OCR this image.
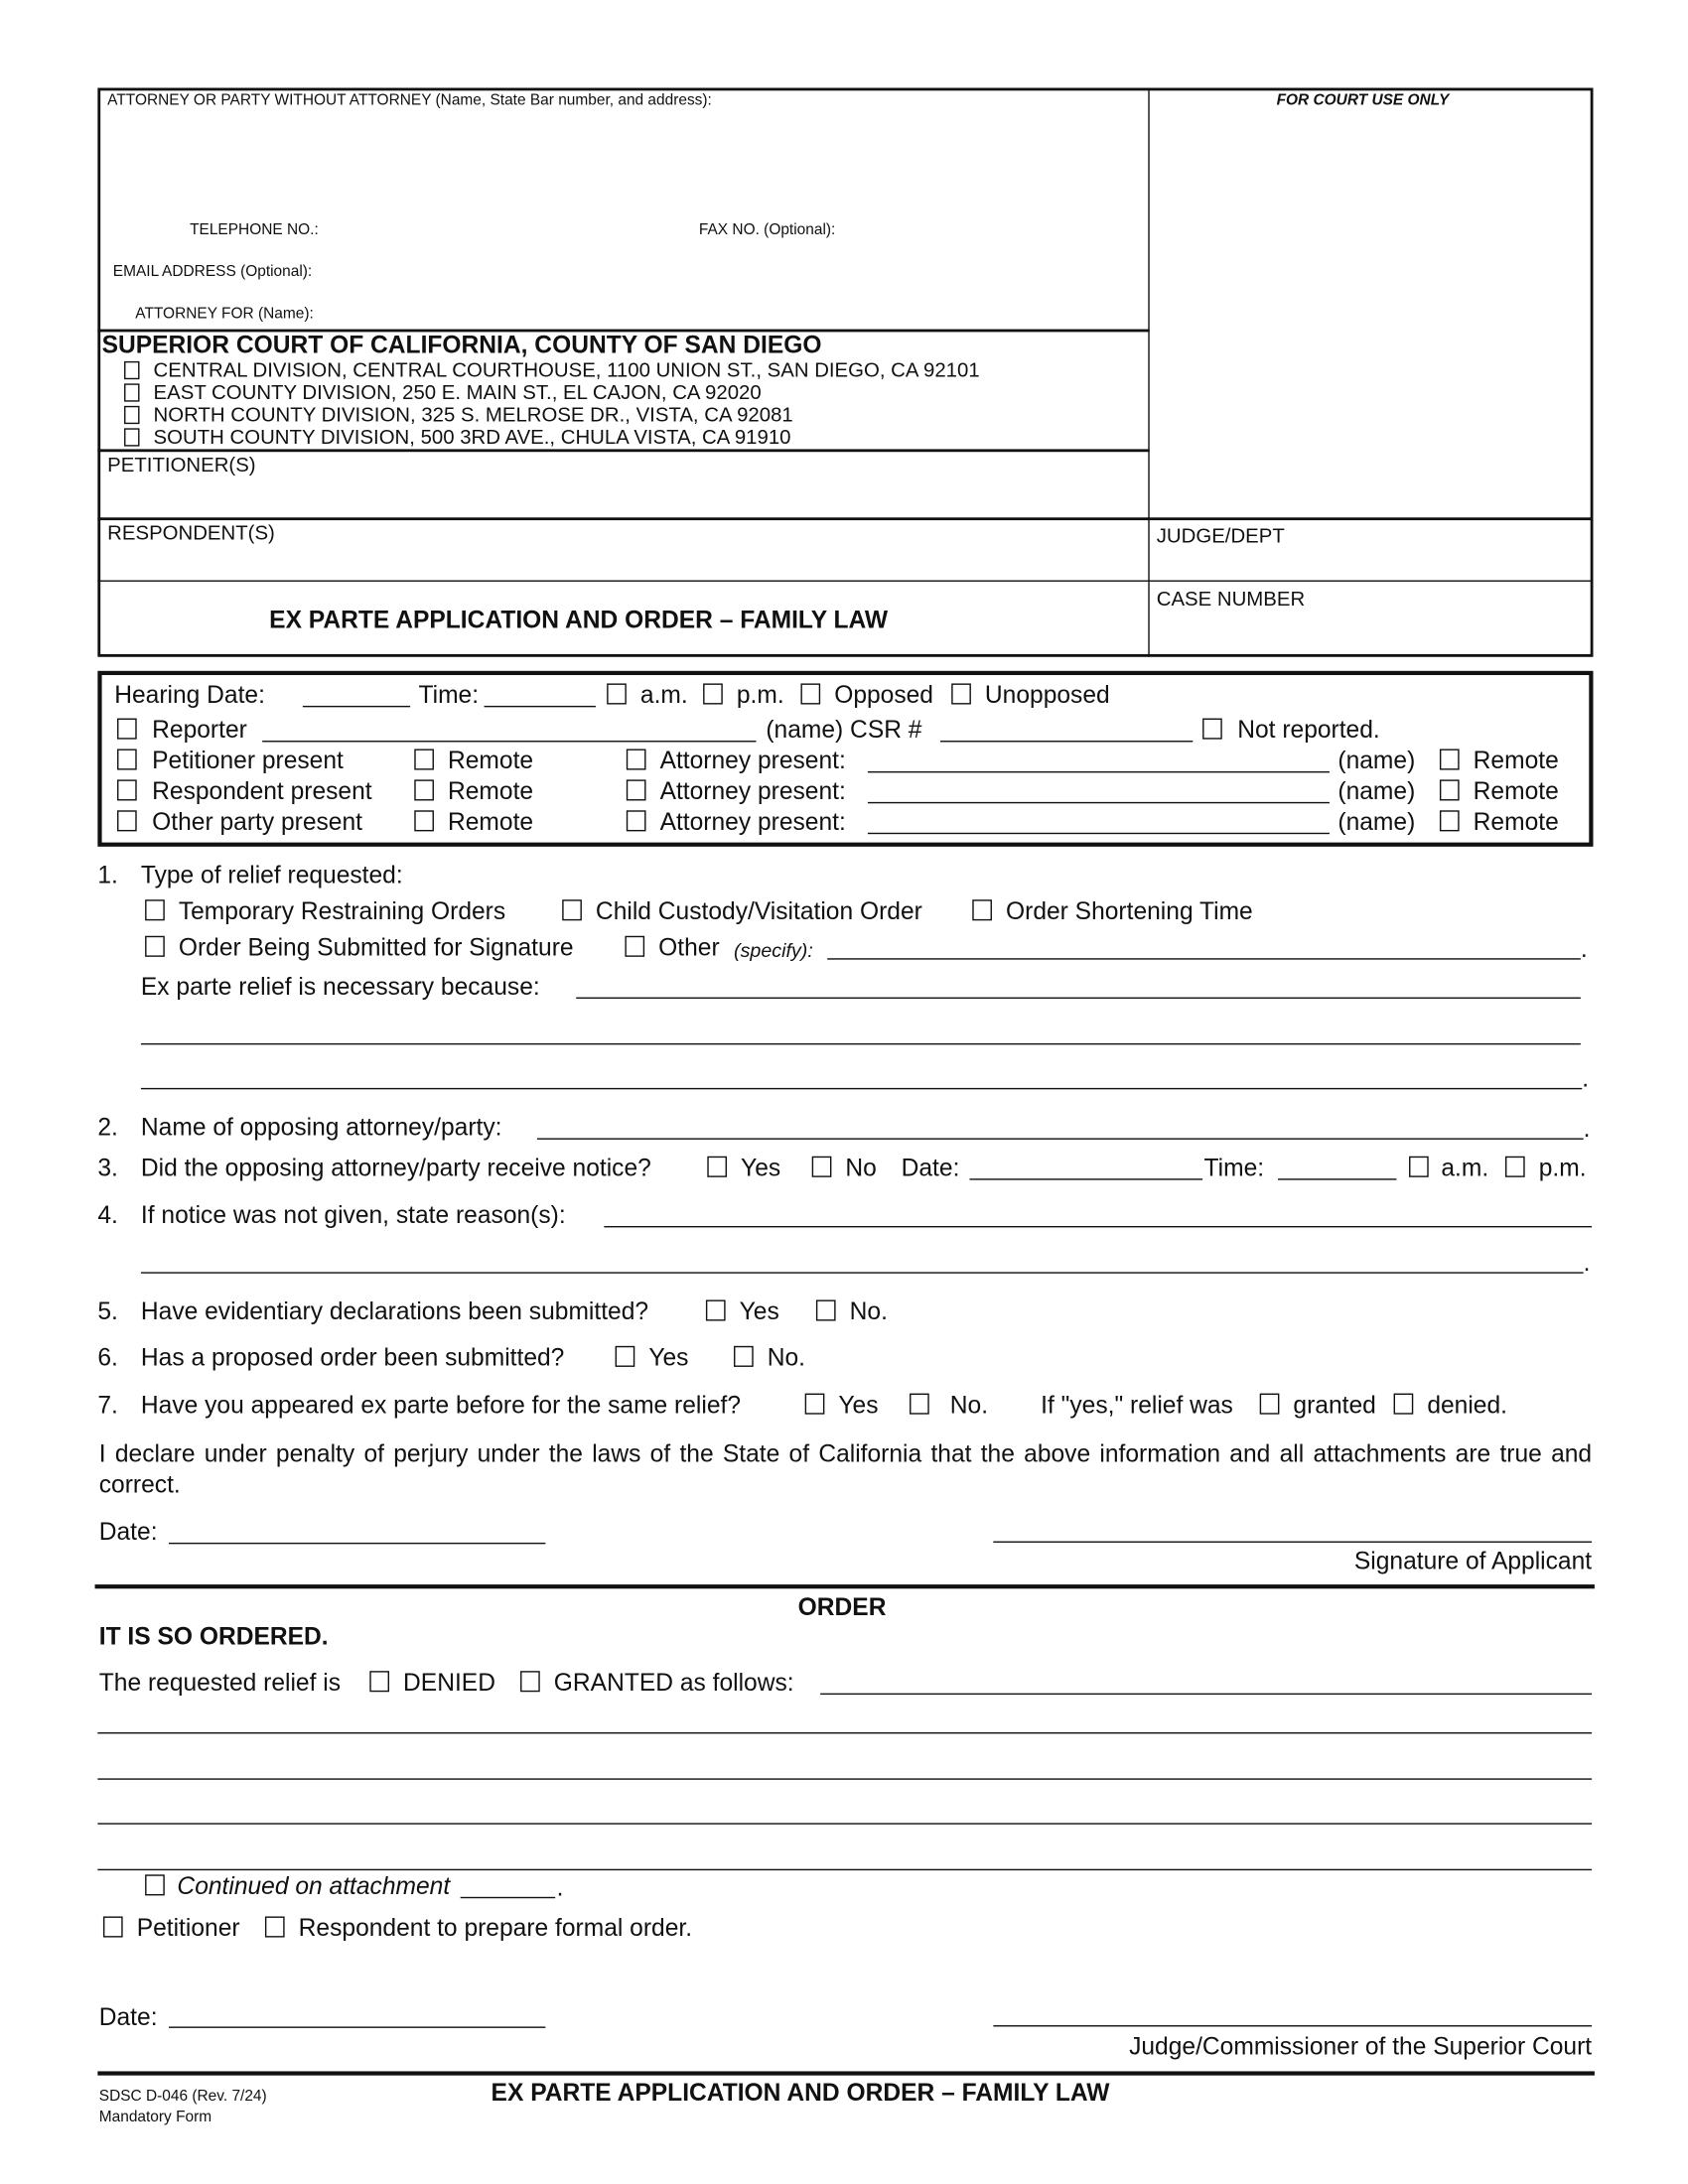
ATTORNEY OR PARTY WITHOUT ATTORNEY (Name, State Bar number, and address):	FOR COURT USE ONLY
TELEPHONE NO.:	FAX NO. (Optional):
EMAIL ADDRESS (Optional):
ATTORNEY FOR (Name):
SUPERIOR COURT OF CALIFORNIA, COUNTY OF SAN DIEGO
CENTRAL DIVISION, CENTRAL COURTHOUSE, 1100 UNION ST., SAN DIEGO, CA 92101
EAST COUNTY DIVISION, 250 E. MAIN ST., EL CAJON, CA 92020
NORTH COUNTY DIVISION, 325 S. MELROSE DR., VISTA, CA 92081
SOUTH COUNTY DIVISION, 500 3RD AVE., CHULA VISTA, CA 91910
PETITIONER(S)
RESPONDENT(S)	JUDGE/DEPT
CASE NUMBER
EX PARTE APPLICATION AND ORDER – FAMILY LAW
Hearing Date:	Time:	a.m.	p.m.	Opposed	Unopposed
Reporter	(name) CSR #	Not reported.
Petitioner present	Remote	Attorney present:	(name)	Remote
Respondent present	Remote	Attorney present:	(name)	Remote
Other party present	Remote	Attorney present:	(name)	Remote
1. Type of relief requested:
Temporary Restraining Orders	Child Custody/Visitation Order	Order Shortening Time
Order Being Submitted for Signature	Other (specify):	.
Ex parte relief is necessary because:
.
2. Name of opposing attorney/party:	.
3. Did the opposing attorney/party receive notice?	Yes	No Date:	Time:	a.m.	p.m.
4. If notice was not given, state reason(s):
.
5. Have evidentiary declarations been submitted?	Yes	No.
6. Has a proposed order been submitted?	Yes	No.
7. Have you appeared ex parte before for the same relief?	Yes	No.	If "yes," relief was	granted	denied.
I declare under penalty of perjury under the laws of the State of California that the above information and all attachments are true and correct.
Date:
Signature of Applicant
ORDER
IT IS SO ORDERED.
The requested relief is	DENIED	GRANTED as follows:
Continued on attachment	.
Petitioner	Respondent to prepare formal order.
Date:
Judge/Commissioner of the Superior Court
SDSC D-046 (Rev. 7/24)
Mandatory Form
EX PARTE APPLICATION AND ORDER – FAMILY LAW
